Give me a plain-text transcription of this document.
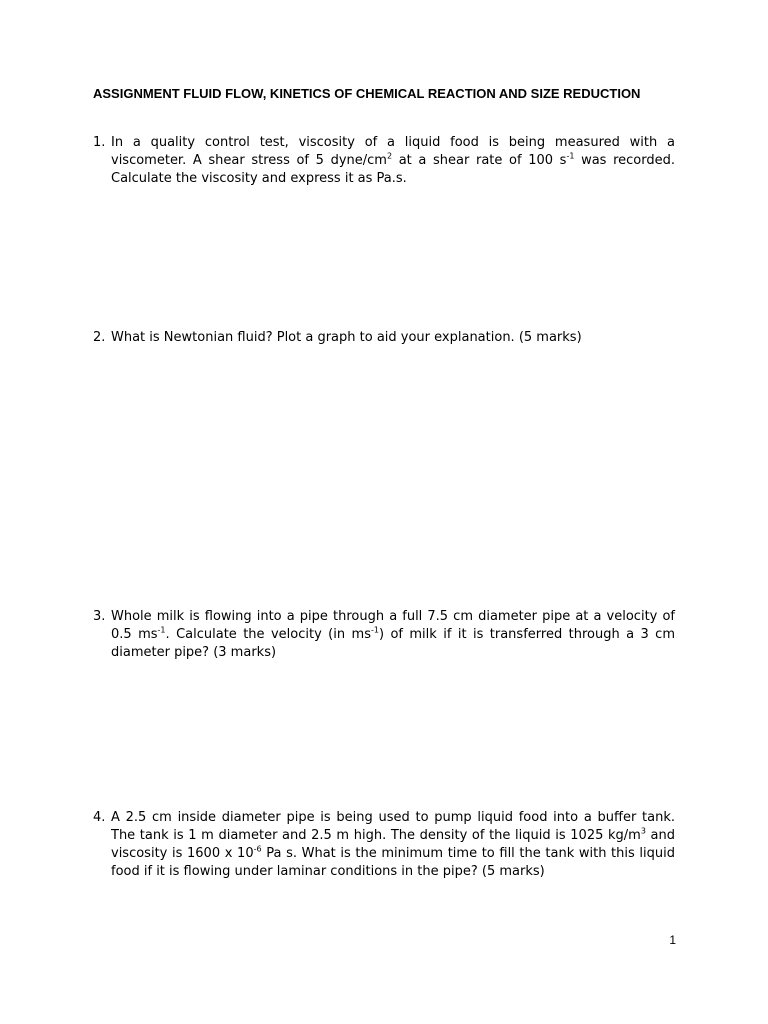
ASSIGNMENT FLUID FLOW, KINETICS OF CHEMICAL REACTION AND SIZE REDUCTION
1. In a quality control test, viscosity of a liquid food is being measured with a viscometer. A shear stress of 5 dyne/$cm^2$ at a shear rate of 100 $s^{-1}$ was recorded. Calculate the viscosity and express it as Pa.s.
2. What is Newtonian fluid? Plot a graph to aid your explanation. (5 marks)
3. Whole milk is flowing into a pipe through a full 7.5 cm diameter pipe at a velocity of 0.5 $ms^{-1}$. Calculate the velocity (in $ms^{-1}$) of milk if it is transferred through a 3 cm diameter pipe? (3 marks)
4. A 2.5 cm inside diameter pipe is being used to pump liquid food into a buffer tank. The tank is 1 m diameter and 2.5 m high. The density of the liquid is 1025 $kg/m^3$ and viscosity is 1600 x $10^{-6}$ Pa s. What is the minimum time to fill the tank with this liquid food if it is flowing under laminar conditions in the pipe? (5 marks)
1
